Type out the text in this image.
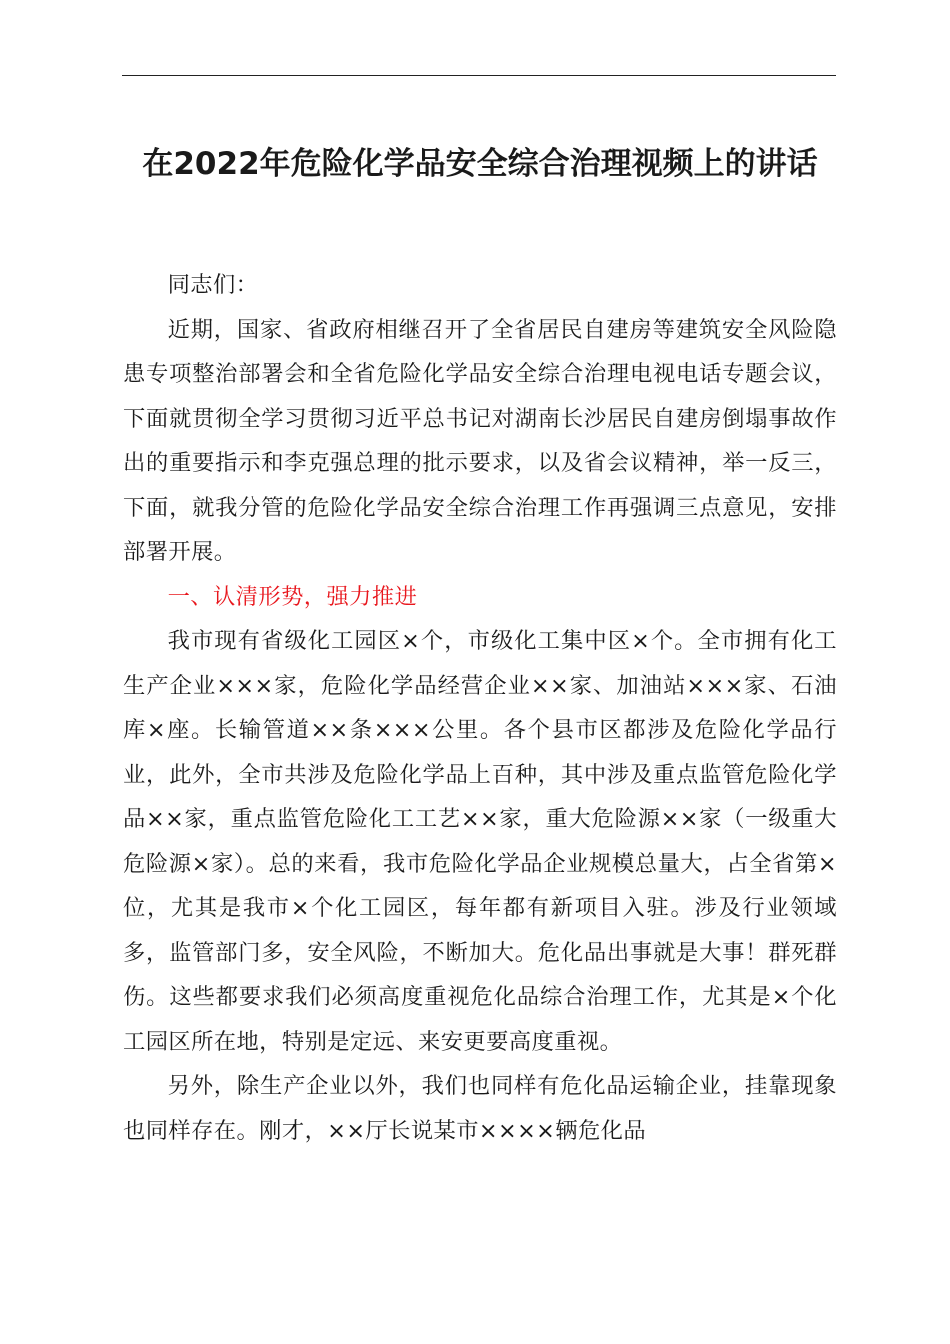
在2022年危险化学品安全综合治理视频上的讲话

同志们：

近期，国家、省政府相继召开了全省居民自建房等建筑安全风险隐患专项整治部署会和全省危险化学品安全综合治理电视电话专题会议，下面就贯彻全学习贯彻习近平总书记对湖南长沙居民自建房倒塌事故作出的重要指示和李克强总理的批示要求，以及省会议精神，举一反三，下面，就我分管的危险化学品安全综合治理工作再强调三点意见，安排部署开展。

一、认清形势，强力推进

我市现有省级化工园区×个，市级化工集中区×个。全市拥有化工生产企业×××家，危险化学品经营企业××家、加油站×××家、石油库×座。长输管道××条×××公里。各个县市区都涉及危险化学品行业，此外，全市共涉及危险化学品上百种，其中涉及重点监管危险化学品××家，重点监管危险化工工艺××家，重大危险源××家（一级重大危险源×家）。总的来看，我市危险化学品企业规模总量大，占全省第×位，尤其是我市×个化工园区，每年都有新项目入驻。涉及行业领域多，监管部门多，安全风险，不断加大。危化品出事就是大事！群死群伤。这些都要求我们必须高度重视危化品综合治理工作，尤其是×个化工园区所在地，特别是定远、来安更要高度重视。

另外，除生产企业以外，我们也同样有危化品运输企业，挂靠现象也同样存在。刚才，××厅长说某市××××辆危化品
